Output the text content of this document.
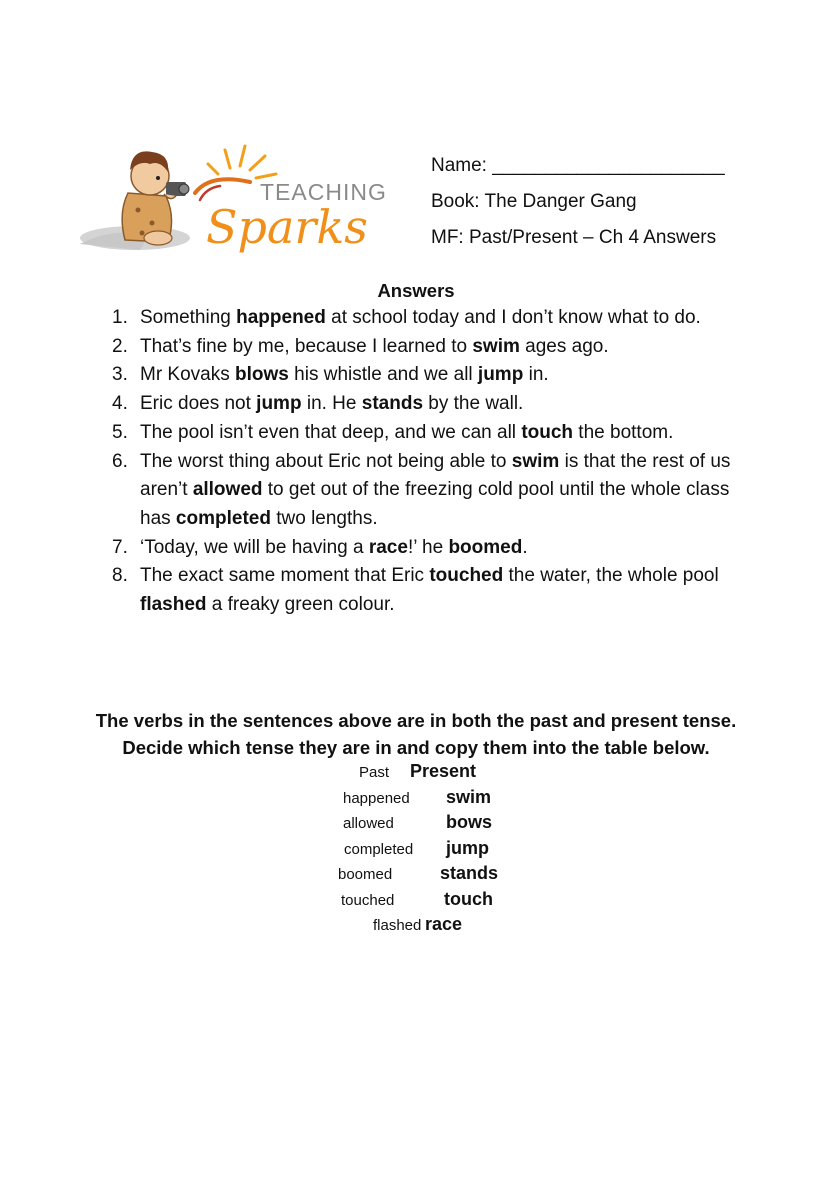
TEACHING
Sparks
Name: ______________________
Book: The Danger Gang
MF: Past/Present – Ch 4 Answers
Answers
1. Something happened at school today and I don’t know what to do.
2. That’s fine by me, because I learned to swim ages ago.
3. Mr Kovaks blows his whistle and we all jump in.
4. Eric does not jump in. He stands by the wall.
5. The pool isn’t even that deep, and we can all touch the bottom.
6. The worst thing about Eric not being able to swim is that the rest of us aren’t allowed to get out of the freezing cold pool until the whole class has completed two lengths.
7. ‘Today, we will be having a race!’ he boomed.
8. The exact same moment that Eric touched the water, the whole pool flashed a freaky green colour.
The verbs in the sentences above are in both the past and present tense.
Decide which tense they are in and copy them into the table below.
Past Present
happened swim
allowed	bows
completed jump
boomed	stands
touched	touch
flashed race
